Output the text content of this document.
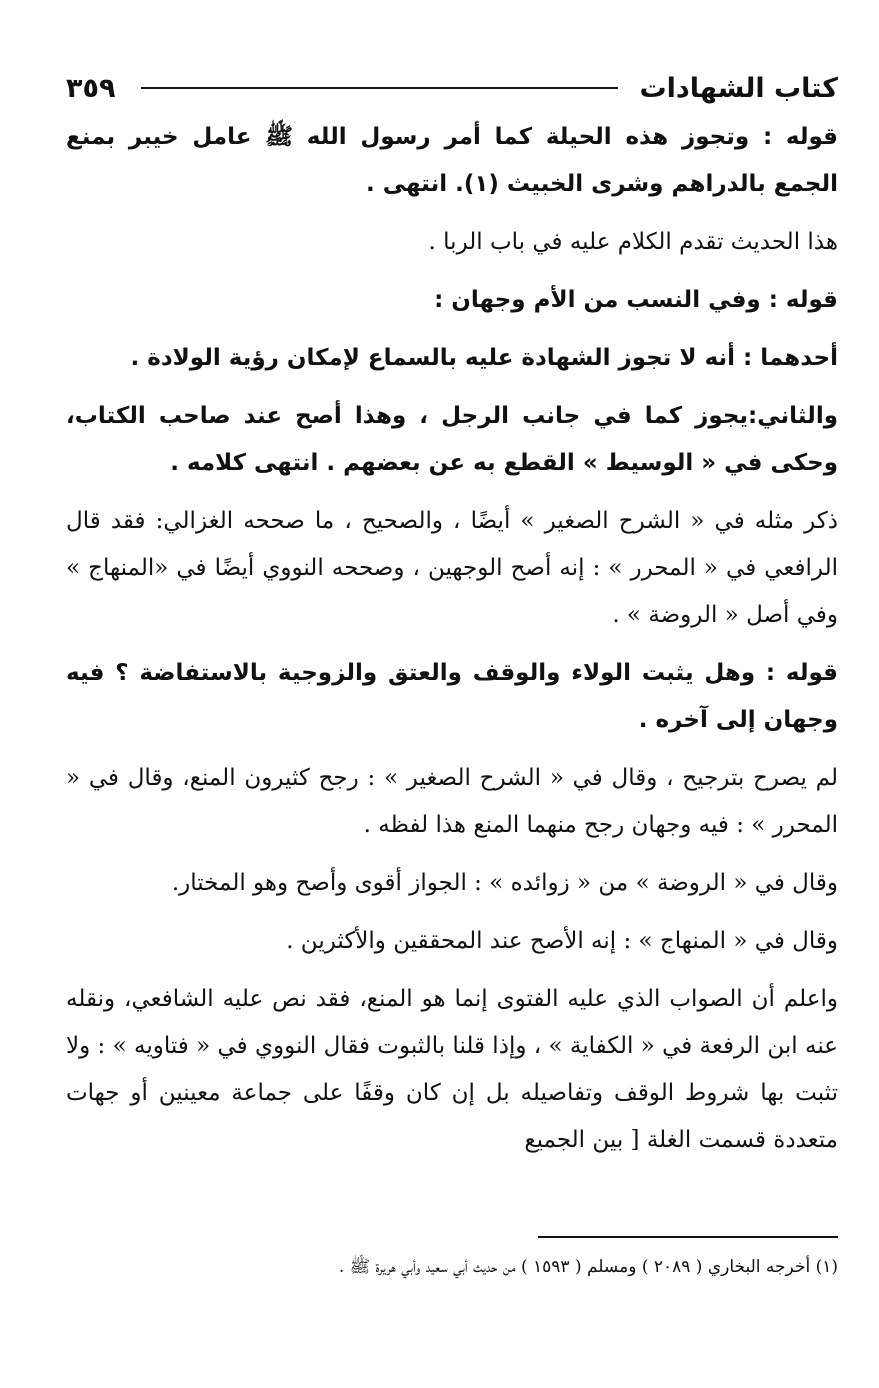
كتاب الشهادات
٣٥٩

قوله : وتجوز هذه الحيلة كما أمر رسول الله ﷺ عامل خيبر بمنع الجمع بالدراهم وشرى الخبيث (١). انتهى .

هذا الحديث تقدم الكلام عليه في باب الربا .

قوله : وفي النسب من الأم وجهان :

أحدهما : أنه لا تجوز الشهادة عليه بالسماع لإمكان رؤية الولادة .

والثاني:يجوز كما في جانب الرجل ، وهذا أصح عند صاحب الكتاب، وحكى في « الوسيط » القطع به عن بعضهم . انتهى كلامه .

ذكر مثله في « الشرح الصغير » أيضًا ، والصحيح ، ما صححه الغزالي: فقد قال الرافعي في « المحرر » : إنه أصح الوجهين ، وصححه النووي أيضًا في «المنهاج » وفي أصل « الروضة » .

قوله : وهل يثبت الولاء والوقف والعتق والزوجية بالاستفاضة ؟ فيه وجهان إلى آخره .

لم يصرح بترجيح ، وقال في « الشرح الصغير » : رجح كثيرون المنع، وقال في « المحرر » : فيه وجهان رجح منهما المنع هذا لفظه .

وقال في « الروضة » من « زوائده » : الجواز أقوى وأصح وهو المختار.

وقال في « المنهاج » : إنه الأصح عند المحققين والأكثرين .

واعلم أن الصواب الذي عليه الفتوى إنما هو المنع، فقد نص عليه الشافعي، ونقله عنه ابن الرفعة في « الكفاية » ، وإذا قلنا بالثبوت فقال النووي في « فتاويه » : ولا تثبت بها شروط الوقف وتفاصيله بل إن كان وقفًا على جماعة معينين أو جهات متعددة قسمت الغلة [ بين الجميع

(١) أخرجه البخاري ( ٢٠٨٩ ) ومسلم ( ١٥٩٣ ) من حديث أبي سعيد وأبي هريرة ﷺ .
